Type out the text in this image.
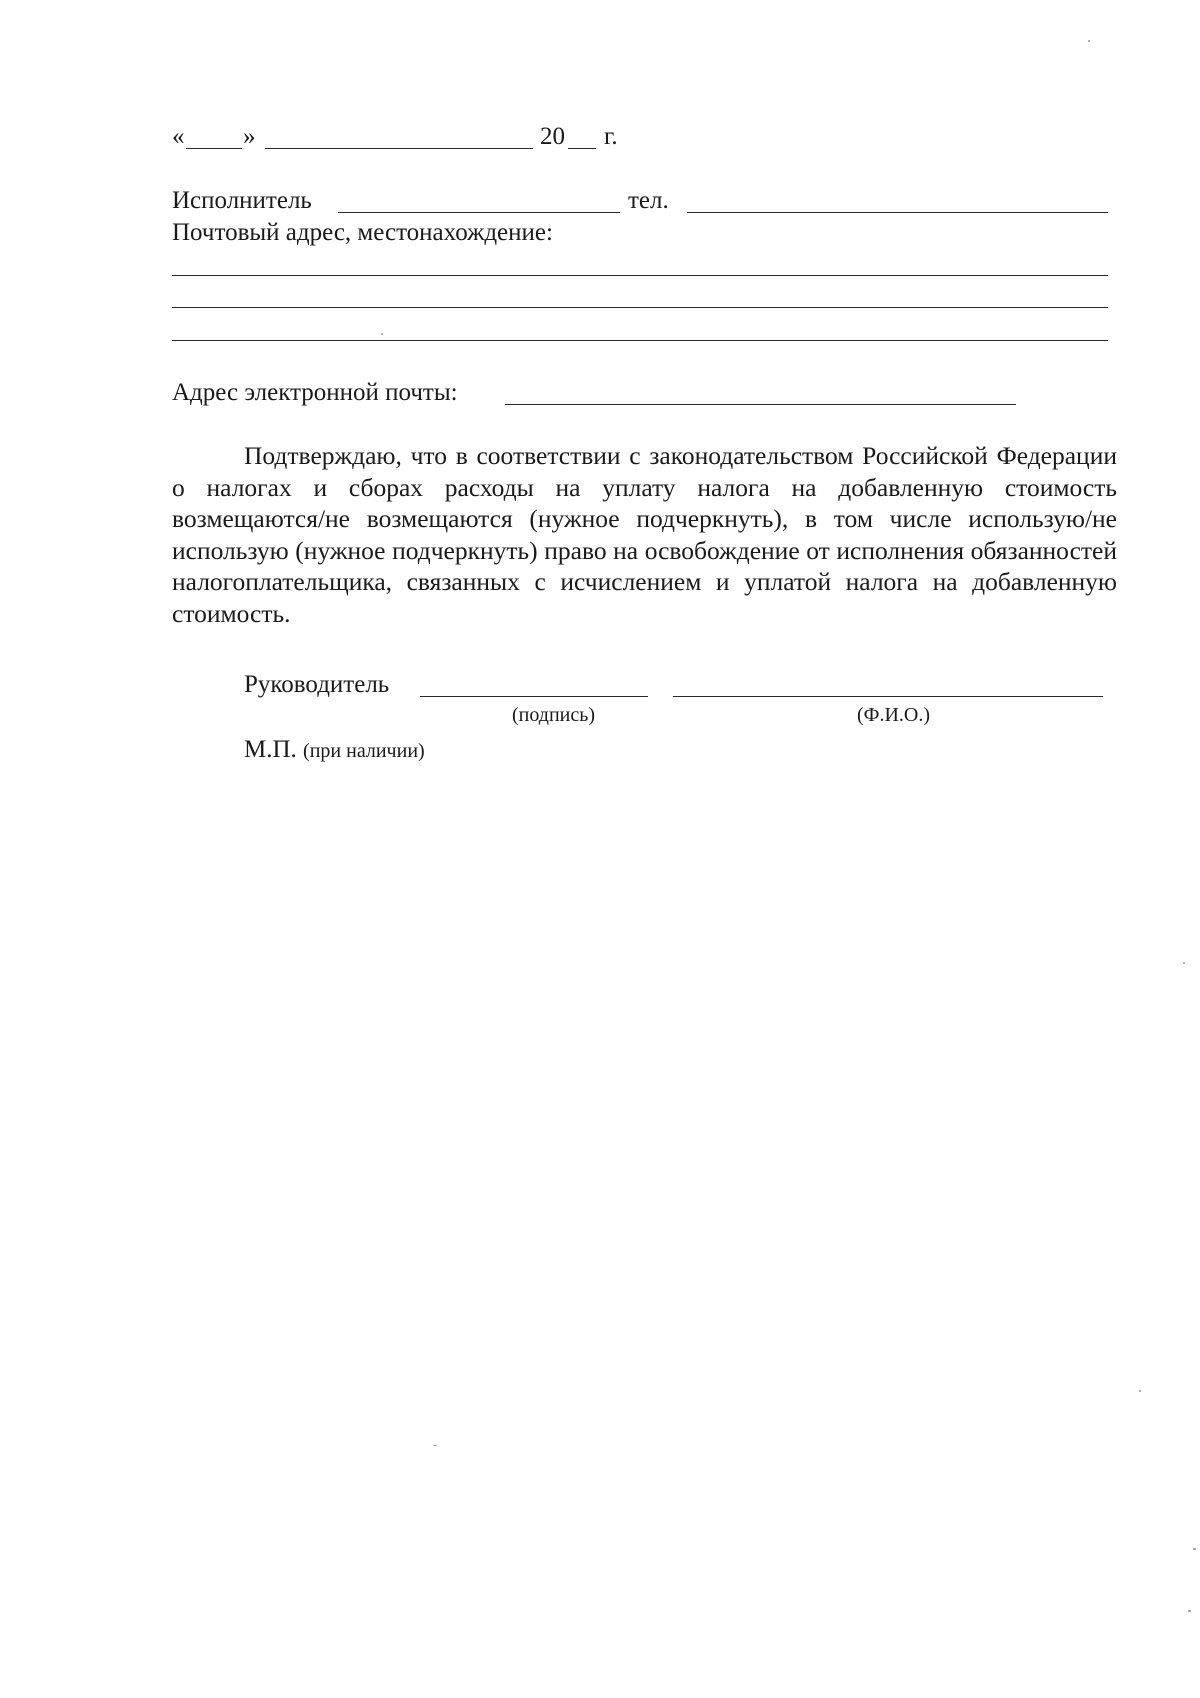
« »	20 г.
Исполнитель	тел.
Почтовый адрес, местонахождение:
Адрес электронной почты:
Подтверждаю, что в соответствии с законодательством Российской Федерации о налогах и сборах расходы на уплату налога на добавленную стоимость возмещаются/не возмещаются (нужное подчеркнуть), в том числе использую/не использую (нужное подчеркнуть) право на освобождение от исполнения обязанностей налогоплательщика, связанных с исчислением и уплатой налога на добавленную стоимость.
Руководитель
(подпись)	(Ф.И.О.)
М.П. (при наличии)
